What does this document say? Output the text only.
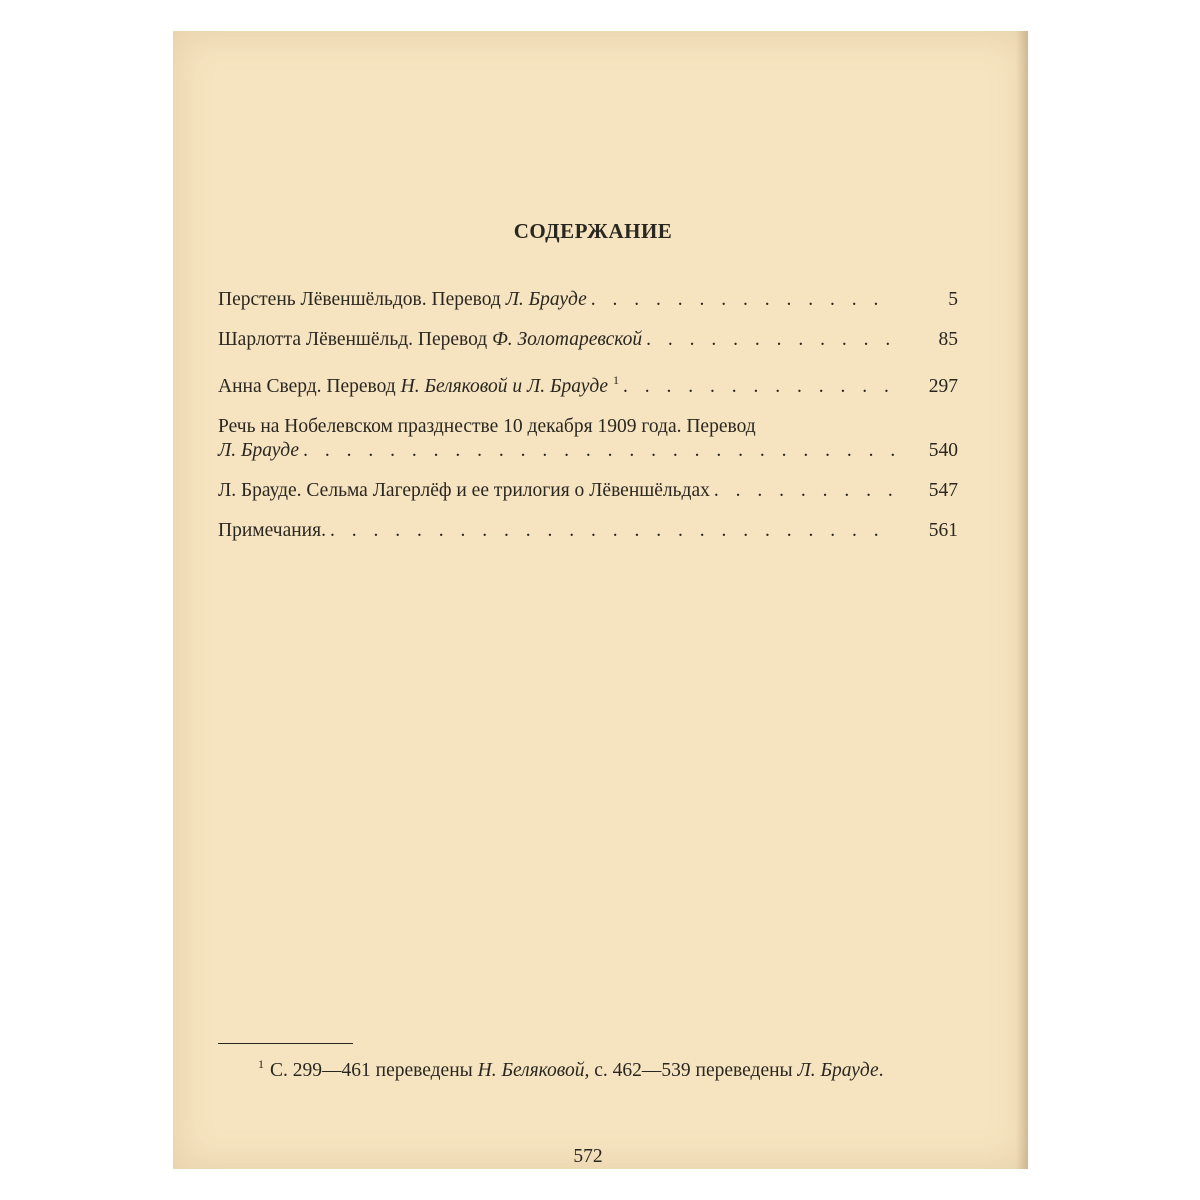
СОДЕРЖАНИЕ
Перстень Лёвеншёльдов. Перевод Л. Брауде . . .	5
Шарлотта Лёвеншёльд. Перевод Ф. Золотаревской . . .	85
Анна Сверд. Перевод Н. Беляковой и Л. Брауде $^1$ . . .	297
Речь на Нобелевском празднестве 10 декабря 1909 года. Перевод
Л. Брауде . . .	540
Л. Брауде. Сельма Лагерлёф и ее трилогия о Лёвеншёльдах . . .	547
Примечания. . . .	561
$^1$ С. 299—461 переведены Н. Беляковой, с. 462—539 переведены Л. Брауде.
572
